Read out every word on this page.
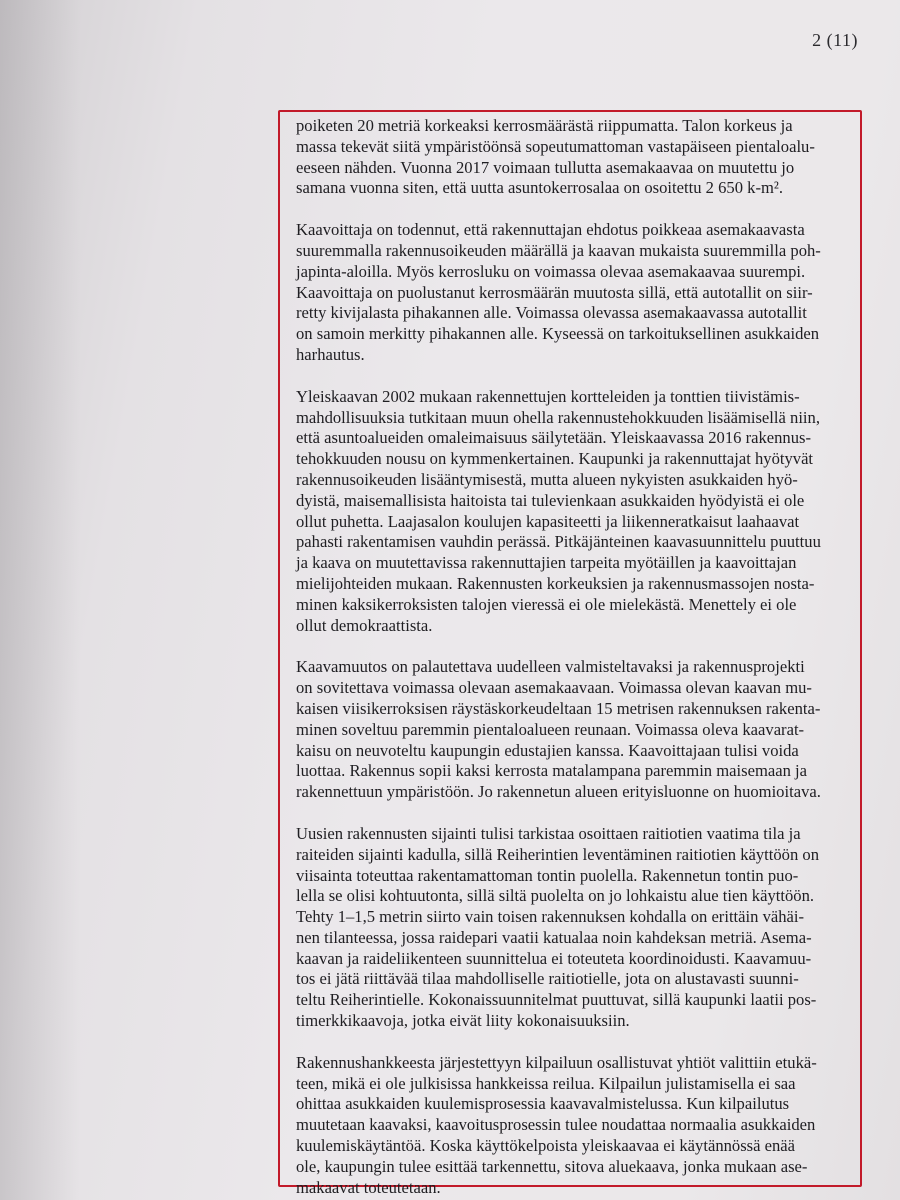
2 (11)
poiketen 20 metriä korkeaksi kerrosmäärästä riippumatta. Talon korkeus ja
massa tekevät siitä ympäristöönsä sopeutumattoman vastapäiseen pientaloalu-
eeseen nähden. Vuonna 2017 voimaan tullutta asemakaavaa on muutettu jo
samana vuonna siten, että uutta asuntokerrosalaa on osoitettu 2 650 k-m².
Kaavoittaja on todennut, että rakennuttajan ehdotus poikkeaa asemakaavasta
suuremmalla rakennusoikeuden määrällä ja kaavan mukaista suuremmilla poh-
japinta-aloilla. Myös kerrosluku on voimassa olevaa asemakaavaa suurempi.
Kaavoittaja on puolustanut kerrosmäärän muutosta sillä, että autotallit on siir-
retty kivijalasta pihakannen alle. Voimassa olevassa asemakaavassa autotallit
on samoin merkitty pihakannen alle. Kyseessä on tarkoituksellinen asukkaiden
harhautus.
Yleiskaavan 2002 mukaan rakennettujen kortteleiden ja tonttien tiivistämis-
mahdollisuuksia tutkitaan muun ohella rakennustehokkuuden lisäämisellä niin,
että asuntoalueiden omaleimaisuus säilytetään. Yleiskaavassa 2016 rakennus-
tehokkuuden nousu on kymmenkertainen. Kaupunki ja rakennuttajat hyötyvät
rakennusoikeuden lisääntymisestä, mutta alueen nykyisten asukkaiden hyö-
dyistä, maisemallisista haitoista tai tulevienkaan asukkaiden hyödyistä ei ole
ollut puhetta. Laajasalon koulujen kapasiteetti ja liikenneratkaisut laahaavat
pahasti rakentamisen vauhdin perässä. Pitkäjänteinen kaavasuunnittelu puuttuu
ja kaava on muutettavissa rakennuttajien tarpeita myötäillen ja kaavoittajan
mielijohteiden mukaan. Rakennusten korkeuksien ja rakennusmassojen nosta-
minen kaksikerroksisten talojen vieressä ei ole mielekästä. Menettely ei ole
ollut demokraattista.
Kaavamuutos on palautettava uudelleen valmisteltavaksi ja rakennusprojekti
on sovitettava voimassa olevaan asemakaavaan. Voimassa olevan kaavan mu-
kaisen viisikerroksisen räystäskorkeudeltaan 15 metrisen rakennuksen rakenta-
minen soveltuu paremmin pientaloalueen reunaan. Voimassa oleva kaavarat-
kaisu on neuvoteltu kaupungin edustajien kanssa. Kaavoittajaan tulisi voida
luottaa. Rakennus sopii kaksi kerrosta matalampana paremmin maisemaan ja
rakennettuun ympäristöön. Jo rakennetun alueen erityisluonne on huomioitava.
Uusien rakennusten sijainti tulisi tarkistaa osoittaen raitiotien vaatima tila ja
raiteiden sijainti kadulla, sillä Reiherintien leventäminen raitiotien käyttöön on
viisainta toteuttaa rakentamattoman tontin puolella. Rakennetun tontin puo-
lella se olisi kohtuutonta, sillä siltä puolelta on jo lohkaistu alue tien käyttöön.
Tehty 1–1,5 metrin siirto vain toisen rakennuksen kohdalla on erittäin vähäi-
nen tilanteessa, jossa raidepari vaatii katualaa noin kahdeksan metriä. Asema-
kaavan ja raideliikenteen suunnittelua ei toteuteta koordinoidusti. Kaavamuu-
tos ei jätä riittävää tilaa mahdolliselle raitiotielle, jota on alustavasti suunni-
teltu Reiherintielle. Kokonaissuunnitelmat puuttuvat, sillä kaupunki laatii pos-
timerkkikaavoja, jotka eivät liity kokonaisuuksiin.
Rakennushankkeesta järjestettyyn kilpailuun osallistuvat yhtiöt valittiin etukä-
teen, mikä ei ole julkisissa hankkeissa reilua. Kilpailun julistamisella ei saa
ohittaa asukkaiden kuulemisprosessia kaavavalmistelussa. Kun kilpailutus
muutetaan kaavaksi, kaavoitusprosessin tulee noudattaa normaalia asukkaiden
kuulemiskäytäntöä. Koska käyttökelpoista yleiskaavaa ei käytännössä enää
ole, kaupungin tulee esittää tarkennettu, sitova aluekaava, jonka mukaan ase-
makaavat toteutetaan.
